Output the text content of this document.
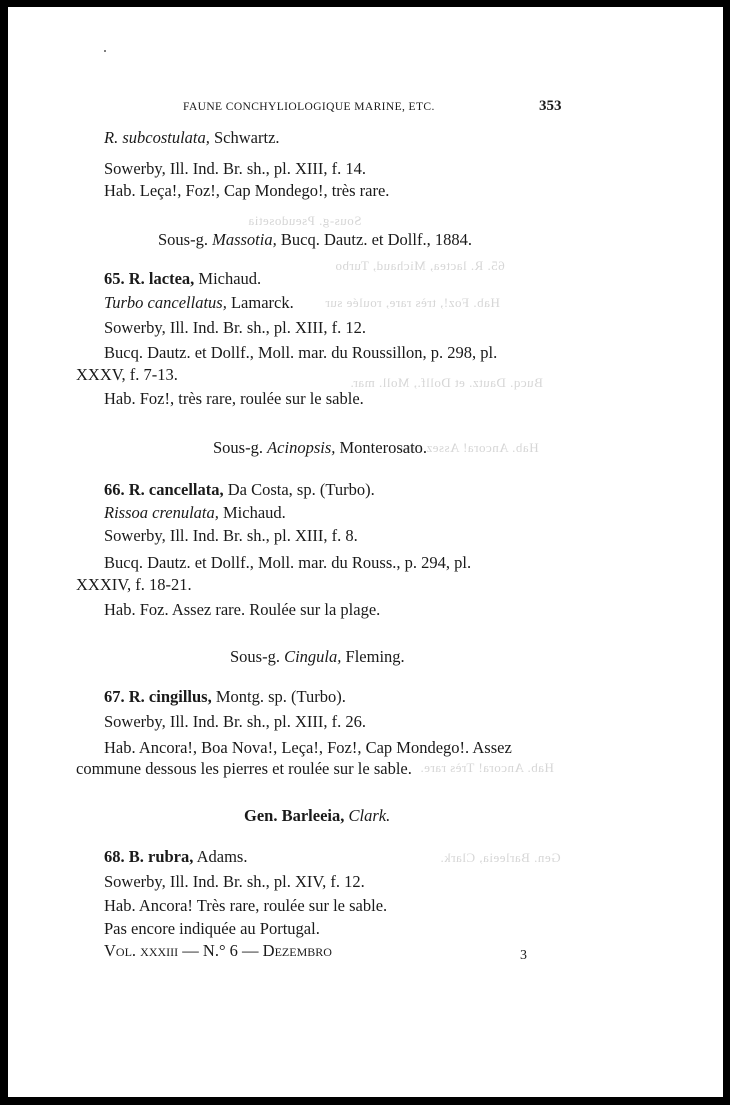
Sous-g. Pseudosetia
65. R. lactea, Michaud, Turbo
Hab. Foz!, très rare, roulée sur
Bucq. Dautz. et Dollf., Moll. mar.
Hab. Ancora! Assez rare
Hab. Ancora! Très rare.
Gen. Barleeia, Clark.
FAUNE CONCHYLIOLOGIQUE MARINE, ETC.	353
R. subcostulata, Schwartz.
Sowerby, Ill. Ind. Br. sh., pl. XIII, f. 14.
Hab. Leça!, Foz!, Cap Mondego!, très rare.
Sous-g. Massotia, Bucq. Dautz. et Dollf., 1884.
65. R. lactea, Michaud.
Turbo cancellatus, Lamarck.
Sowerby, Ill. Ind. Br. sh., pl. XIII, f. 12.
Bucq. Dautz. et Dollf., Moll. mar. du Roussillon, p. 298, pl.
XXXV, f. 7-13.
Hab. Foz!, très rare, roulée sur le sable.
Sous-g. Acinopsis, Monterosato.
66. R. cancellata, Da Costa, sp. (Turbo).
Rissoa crenulata, Michaud.
Sowerby, Ill. Ind. Br. sh., pl. XIII, f. 8.
Bucq. Dautz. et Dollf., Moll. mar. du Rouss., p. 294, pl.
XXXIV, f. 18-21.
Hab. Foz. Assez rare. Roulée sur la plage.
Sous-g. Cingula, Fleming.
67. R. cingillus, Montg. sp. (Turbo).
Sowerby, Ill. Ind. Br. sh., pl. XIII, f. 26.
Hab. Ancora!, Boa Nova!, Leça!, Foz!, Cap Mondego!. Assez
commune dessous les pierres et roulée sur le sable.
Gen. Barleeia, Clark.
68. B. rubra, Adams.
Sowerby, Ill. Ind. Br. sh., pl. XIV, f. 12.
Hab. Ancora! Très rare, roulée sur le sable.
Pas encore indiquée au Portugal.
Vol. xxxiii — N.° 6 — Dezembro	3
